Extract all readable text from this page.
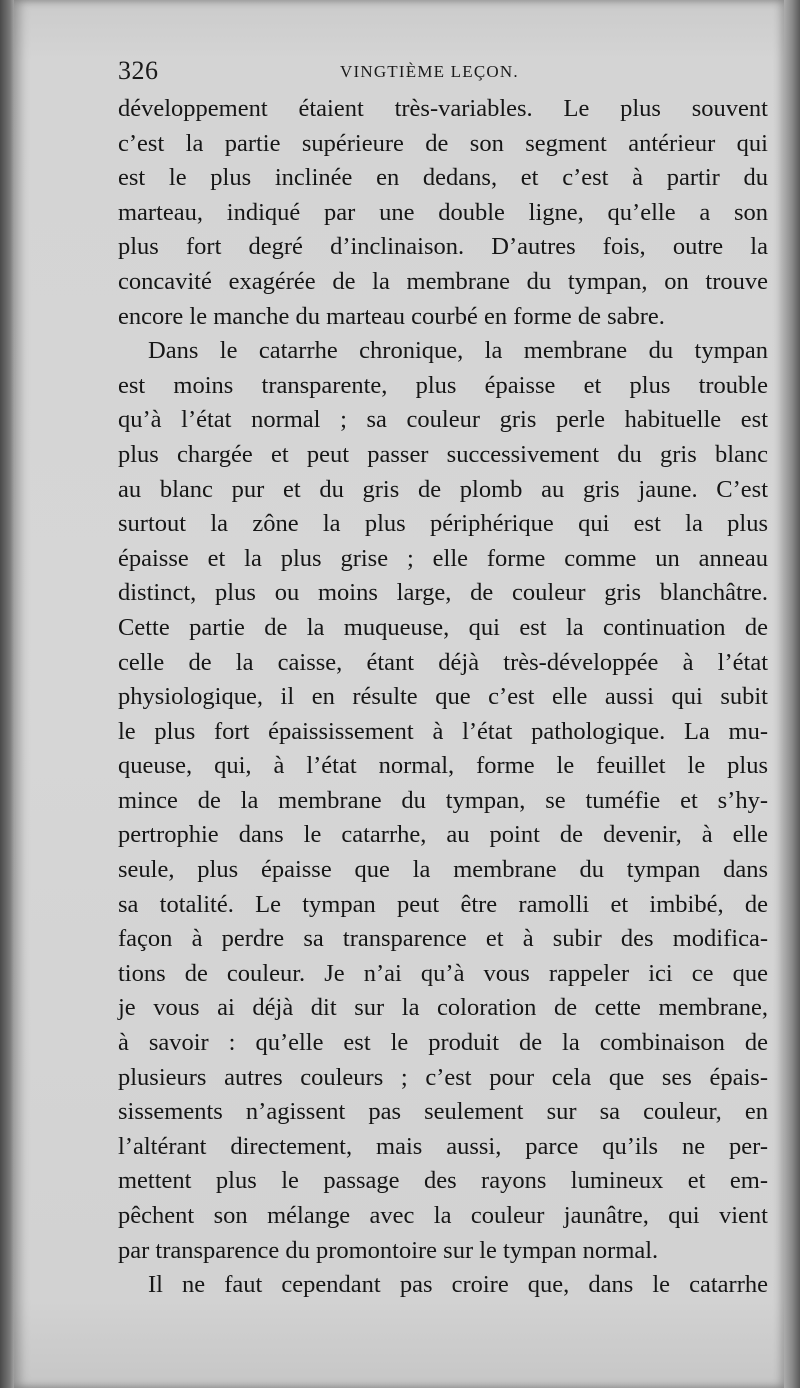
326	VINGTIÈME LEÇON.
développement étaient très-variables. Le plus souvent
c’est la partie supérieure de son segment antérieur qui
est le plus inclinée en dedans, et c’est à partir du
marteau, indiqué par une double ligne, qu’elle a son
plus fort degré d’inclinaison. D’autres fois, outre la
concavité exagérée de la membrane du tympan, on trouve
encore le manche du marteau courbé en forme de sabre.
Dans le catarrhe chronique, la membrane du tympan
est moins transparente, plus épaisse et plus trouble
qu’à l’état normal ; sa couleur gris perle habituelle est
plus chargée et peut passer successivement du gris blanc
au blanc pur et du gris de plomb au gris jaune. C’est
surtout la zône la plus périphérique qui est la plus
épaisse et la plus grise ; elle forme comme un anneau
distinct, plus ou moins large, de couleur gris blanchâtre.
Cette partie de la muqueuse, qui est la continuation de
celle de la caisse, étant déjà très-développée à l’état
physiologique, il en résulte que c’est elle aussi qui subit
le plus fort épaississement à l’état pathologique. La mu-
queuse, qui, à l’état normal, forme le feuillet le plus
mince de la membrane du tympan, se tuméfie et s’hy-
pertrophie dans le catarrhe, au point de devenir, à elle
seule, plus épaisse que la membrane du tympan dans
sa totalité. Le tympan peut être ramolli et imbibé, de
façon à perdre sa transparence et à subir des modifica-
tions de couleur. Je n’ai qu’à vous rappeler ici ce que
je vous ai déjà dit sur la coloration de cette membrane,
à savoir : qu’elle est le produit de la combinaison de
plusieurs autres couleurs ; c’est pour cela que ses épais-
sissements n’agissent pas seulement sur sa couleur, en
l’altérant directement, mais aussi, parce qu’ils ne per-
mettent plus le passage des rayons lumineux et em-
pêchent son mélange avec la couleur jaunâtre, qui vient
par transparence du promontoire sur le tympan normal.
Il ne faut cependant pas croire que, dans le catarrhe
